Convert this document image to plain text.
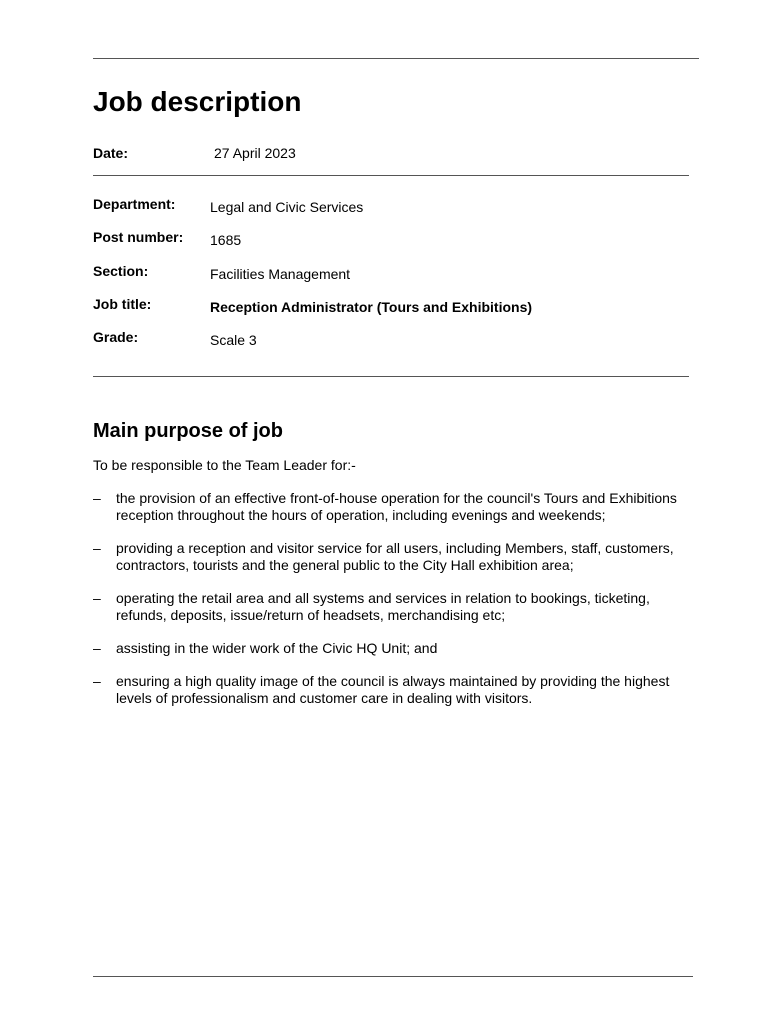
Job description
Date:	27 April 2023
Department: Legal and Civic Services
Post number: 1685
Section:	Facilities Management
Job title:	Reception Administrator (Tours and Exhibitions)
Grade:	Scale 3
Main purpose of job
To be responsible to the Team Leader for:-
– the provision of an effective front-of-house operation for the council's Tours and Exhibitions reception throughout the hours of operation, including evenings and weekends;
– providing a reception and visitor service for all users, including Members, staff, customers, contractors, tourists and the general public to the City Hall exhibition area;
– operating the retail area and all systems and services in relation to bookings, ticketing, refunds, deposits, issue/return of headsets, merchandising etc;
– assisting in the wider work of the Civic HQ Unit; and
– ensuring a high quality image of the council is always maintained by providing the highest levels of professionalism and customer care in dealing with visitors.
